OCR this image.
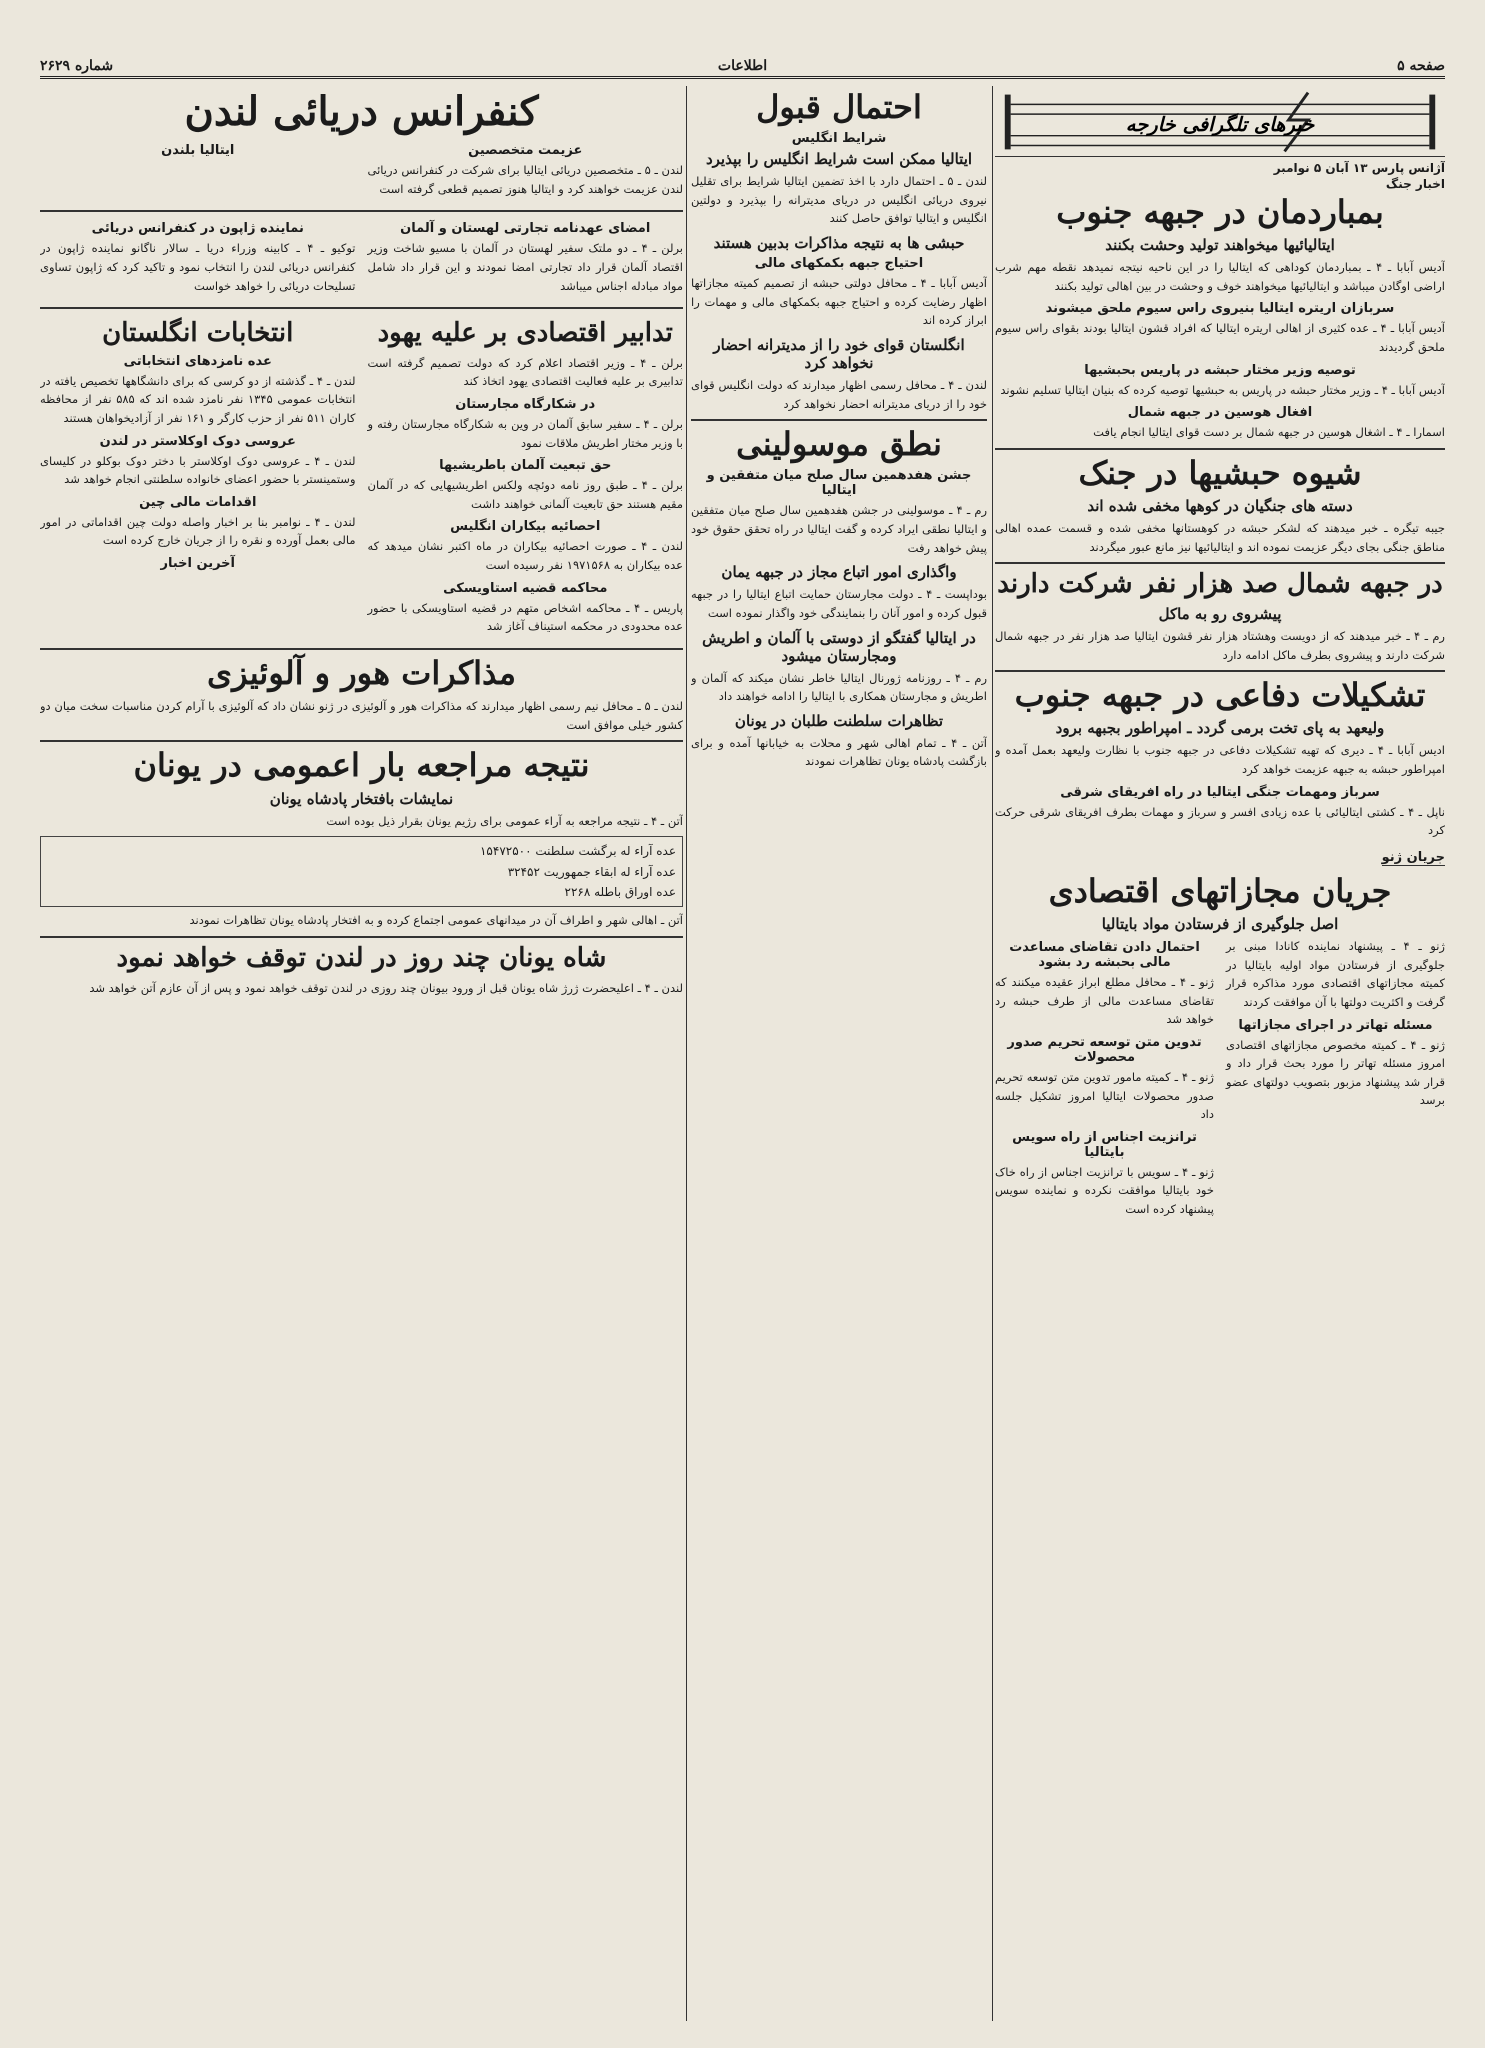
صفحه ۵
اطلاعات
شماره ۲۶۲۹
خبرهای تلگرافی خارجه
آژانس پارس ۱۳ آبان ۵ نوامبر
اخبار جنگ
بمباردمان در جبهه جنوب
ایتالیائیها میخواهند تولید وحشت بکنند

آدیس آبابا ـ ۴ ـ بمباردمان کوداهی که ایتالیا را در این ناحیه نیتجه نمیدهد نقطه مهم شرب اراضی اوگادن میباشد و ایتالیائیها میخواهند خوف و وحشت در بین اهالی تولید بکنند

سربازان اریتره ایتالیا بنیروی راس سیوم ملحق میشوند

آدیس آبابا ـ ۴ ـ عده کثیری از اهالی اریتره ایتالیا که افراد قشون ایتالیا بودند بقوای راس سیوم ملحق گردیدند

توصیه وزیر مختار حبشه در پاریس بحبشیها

آدیس آبابا ـ ۴ ـ وزیر مختار حبشه در پاریس به حبشیها توصیه کرده که بنیان ایتالیا تسلیم نشوند

افغال هوسین در جبهه شمال

اسمارا ـ ۴ ـ اشغال هوسین در جبهه شمال بر دست قوای ایتالیا انجام یافت

شیوه حبشیها در جنک
دسته های جنگیان در کوهها مخفی شده اند

جیبه تیگره ـ خبر میدهند که لشکر حبشه در کوهستانها مخفی شده و قسمت عمده اهالی مناطق جنگی بجای دیگر عزیمت نموده اند و ایتالیائیها نیز مانع عبور میگردند

در جبهه شمال صد هزار نفر شرکت دارند
پیشروی رو به ماکل

رم ـ ۴ ـ خبر میدهند که از دویست وهشتاد هزار نفر قشون ایتالیا صد هزار نفر در جبهه شمال شرکت دارند و پیشروی بطرف ماکل ادامه دارد

تشکیلات دفاعی در جبهه جنوب
ولیعهد به پای تخت برمی گردد ـ امپراطور بجبهه برود

ادیس آبابا ـ ۴ ـ دیری که تهیه تشکیلات دفاعی در جبهه جنوب با نظارت ولیعهد بعمل آمده و امپراطور حبشه به جبهه عزیمت خواهد کرد

سرباز ومهمات جنگی ایتالیا در راه افریقای شرقی

ناپل ـ ۴ ـ کشتی ایتالیائی با عده زیادی افسر و سرباز و مهمات بطرف افریقای شرقی حرکت کرد

جریان ژنو
جریان مجازاتهای اقتصادی
اصل جلوگیری از فرستادن مواد بایتالیا

ژنو ـ ۴ ـ پیشنهاد نماینده کانادا مبنی بر جلوگیری از فرستادن مواد اولیه بایتالیا در کمیته مجازاتهای اقتصادی مورد مذاکره قرار گرفت و اکثریت دولتها با آن موافقت کردند

مسئله تهاتر در اجرای مجازاتها

ژنو ـ ۴ ـ کمیته مخصوص مجازاتهای اقتصادی امروز مسئله تهاتر را مورد بحث قرار داد و قرار شد پیشنهاد مزبور بتصویب دولتهای عضو برسد

احتمال دادن تقاضای مساعدت مالی بحبشه رد بشود

ژنو ـ ۴ ـ محافل مطلع ابراز عقیده میکنند که تقاضای مساعدت مالی از طرف حبشه رد خواهد شد

تدوین متن توسعه تحریم صدور محصولات

ژنو ـ ۴ ـ کمیته مامور تدوین متن توسعه تحریم صدور محصولات ایتالیا امروز تشکیل جلسه داد

ترانزیت اجناس از راه سویس بایتالیا

ژنو ـ ۴ ـ سویس با ترانزیت اجناس از راه خاک خود بایتالیا موافقت نکرده و نماینده سویس پیشنهاد کرده است

احتمال قبول
شرایط انگلیس
ایتالیا ممکن است شرایط انگلیس را بپذیرد

لندن ـ ۵ ـ احتمال دارد با اخذ تضمین ایتالیا شرایط برای تقلیل نیروی دریائی انگلیس در دریای مدیترانه را بپذیرد و دولتین انگلیس و ایتالیا توافق حاصل کنند

حبشی ها به نتیجه مذاکرات بدبین هستند
احتیاج جبهه بکمکهای مالی

آدیس آبابا ـ ۴ ـ محافل دولتی حبشه از تصمیم کمیته مجازاتها اظهار رضایت کرده و احتیاج جبهه بکمکهای مالی و مهمات را ابراز کرده اند

انگلستان قوای خود را از مدیترانه احضار نخواهد کرد

لندن ـ ۴ ـ محافل رسمی اظهار میدارند که دولت انگلیس قوای خود را از دریای مدیترانه احضار نخواهد کرد

نطق موسولینی
جشن هفدهمین سال صلح میان متفقین و ایتالیا

رم ـ ۴ ـ موسولینی در جشن هفدهمین سال صلح میان متفقین و ایتالیا نطقی ایراد کرده و گفت ایتالیا در راه تحقق حقوق خود پیش خواهد رفت

واگذاری امور اتباع مجاز در جبهه یمان

بوداپست ـ ۴ ـ دولت مجارستان حمایت اتباع ایتالیا را در جبهه قبول کرده و امور آنان را بنمایندگی خود واگذار نموده است

در ایتالیا گفتگو از دوستی با آلمان و اطریش ومجارستان میشود

رم ـ ۴ ـ روزنامه ژورنال ایتالیا خاطر نشان میکند که آلمان و اطریش و مجارستان همکاری با ایتالیا را ادامه خواهند داد

تظاهرات سلطنت طلبان در یونان

آتن ـ ۴ ـ تمام اهالی شهر و محلات به خیابانها آمده و برای بازگشت پادشاه یونان تظاهرات نمودند

کنفرانس دریائی لندن
عزیمت متخصصین

لندن ـ ۵ ـ متخصصین دریائی ایتالیا برای شرکت در کنفرانس دریائی لندن عزیمت خواهند کرد و ایتالیا هنوز تصمیم قطعی گرفته است

ایتالیا بلندن
امضای عهدنامه تجارتی لهستان و آلمان

برلن ـ ۴ ـ دو ملتک سفیر لهستان در آلمان با مسیو شاخت وزیر اقتصاد آلمان قرار داد تجارتی امضا نمودند و این قرار داد شامل مواد مبادله اجناس میباشد

نماینده ژاپون در کنفرانس دریائی

توکیو ـ ۴ ـ کابینه وزراء دریا ـ سالار ناگانو نماینده ژاپون در کنفرانس دریائی لندن را انتخاب نمود و تاکید کرد که ژاپون تساوی تسلیحات دریائی را خواهد خواست

تدابیر اقتصادی بر علیه یهود

برلن ـ ۴ ـ وزیر اقتصاد اعلام کرد که دولت تصمیم گرفته است تدابیری بر علیه فعالیت اقتصادی یهود اتخاذ کند

در شکارگاه مجارستان

برلن ـ ۴ ـ سفیر سابق آلمان در وین به شکارگاه مجارستان رفته و با وزیر مختار اطریش ملاقات نمود

حق تبعیت آلمان باطریشیها

برلن ـ ۴ ـ طبق روز نامه دوئچه ولکس اطریشیهایی که در آلمان مقیم هستند حق تابعیت آلمانی خواهند داشت

احصائیه بیکاران انگلیس

لندن ـ ۴ ـ صورت احصائیه بیکاران در ماه اکتبر نشان میدهد که عده بیکاران به ۱۹۷۱۵۶۸ نفر رسیده است

محاکمه قضیه استاویسکی

پاریس ـ ۴ ـ محاکمه اشخاص متهم در قضیه استاویسکی با حضور عده محدودی در محکمه استیناف آغاز شد

انتخابات انگلستان
عده نامزدهای انتخاباتی

لندن ـ ۴ ـ گذشته از دو کرسی که برای دانشگاهها تخصیص یافته در انتخابات عمومی ۱۳۴۵ نفر نامزد شده اند که ۵۸۵ نفر از محافظه کاران ۵۱۱ نفر از حزب کارگر و ۱۶۱ نفر از آزادیخواهان هستند

عروسی دوک اوکلاستر در لندن

لندن ـ ۴ ـ عروسی دوک اوکلاستر با دختر دوک بوکلو در کلیسای وستمینستر با حضور اعضای خانواده سلطنتی انجام خواهد شد

اقدامات مالی چین

لندن ـ ۴ ـ نوامبر بنا بر اخبار واصله دولت چین اقداماتی در امور مالی بعمل آورده و نقره را از جریان خارج کرده است

آخرین اخبار
مذاکرات هور و آلوئیزی

لندن ـ ۵ ـ محافل نیم رسمی اظهار میدارند که مذاکرات هور و آلوئیزی در ژنو نشان داد که آلوئیزی با آرام کردن مناسبات سخت میان دو کشور خیلی موافق است

نتیجه مراجعه بار اعمومی در یونان
نمایشات بافتخار پادشاه یونان

آتن ـ ۴ ـ نتیجه مراجعه به آراء عمومی برای رژیم یونان بقرار ذیل بوده است

عده آراء له برگشت سلطنت ۱۵۴۷۲۵۰۰
عده آراء له ابقاء جمهوریت ۳۲۴۵۲
عده اوراق باطله ۲۲۶۸

آتن ـ اهالی شهر و اطراف آن در میدانهای عمومی اجتماع کرده و به افتخار پادشاه یونان تظاهرات نمودند

شاه یونان چند روز در لندن توقف خواهد نمود

لندن ـ ۴ ـ اعلیحضرت ژرژ شاه یونان قبل از ورود بیونان چند روزی در لندن توقف خواهد نمود و پس از آن عازم آتن خواهد شد
